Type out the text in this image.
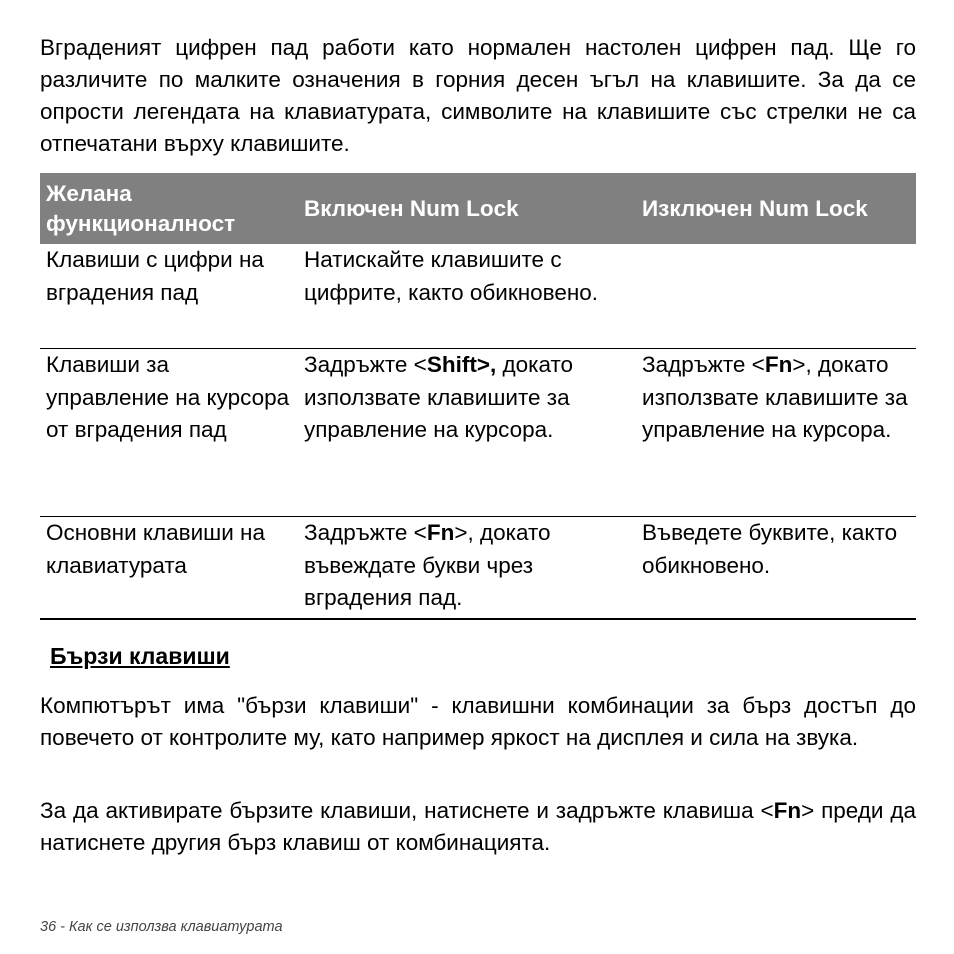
Вграденият цифрен пад работи като нормален настолен цифрен пад. Ще го различите по малките означения в горния десен ъгъл на клавишите. За да се опрости легендата на клавиатурата, символите на клавишите със стрелки не са отпечатани върху клавишите.

Желана функционалност	Включен Num Lock	Изключен Num Lock
Клавиши с цифри на вградения пад	Натискайте клавишите с цифрите, както обикновено.	
Клавиши за управление на курсора от вградения пад	Задръжте <Shift>, докато използвате клавишите за управление на курсора.	Задръжте <Fn>, докато използвате клавишите за управление на курсора.
Основни клавиши на клавиатурата	Задръжте <Fn>, докато въвеждате букви чрез вградения пад.	Въведете буквите, както обикновено.
Бързи клавиши

Компютърът има "бързи клавиши" - клавишни комбинации за бърз достъп до повечето от контролите му, като например яркост на дисплея и сила на звука.

За да активирате бързите клавиши, натиснете и задръжте клавиша <Fn> преди да натиснете другия бърз клавиш от комбинацията.

36 - Как се използва клавиатурата
